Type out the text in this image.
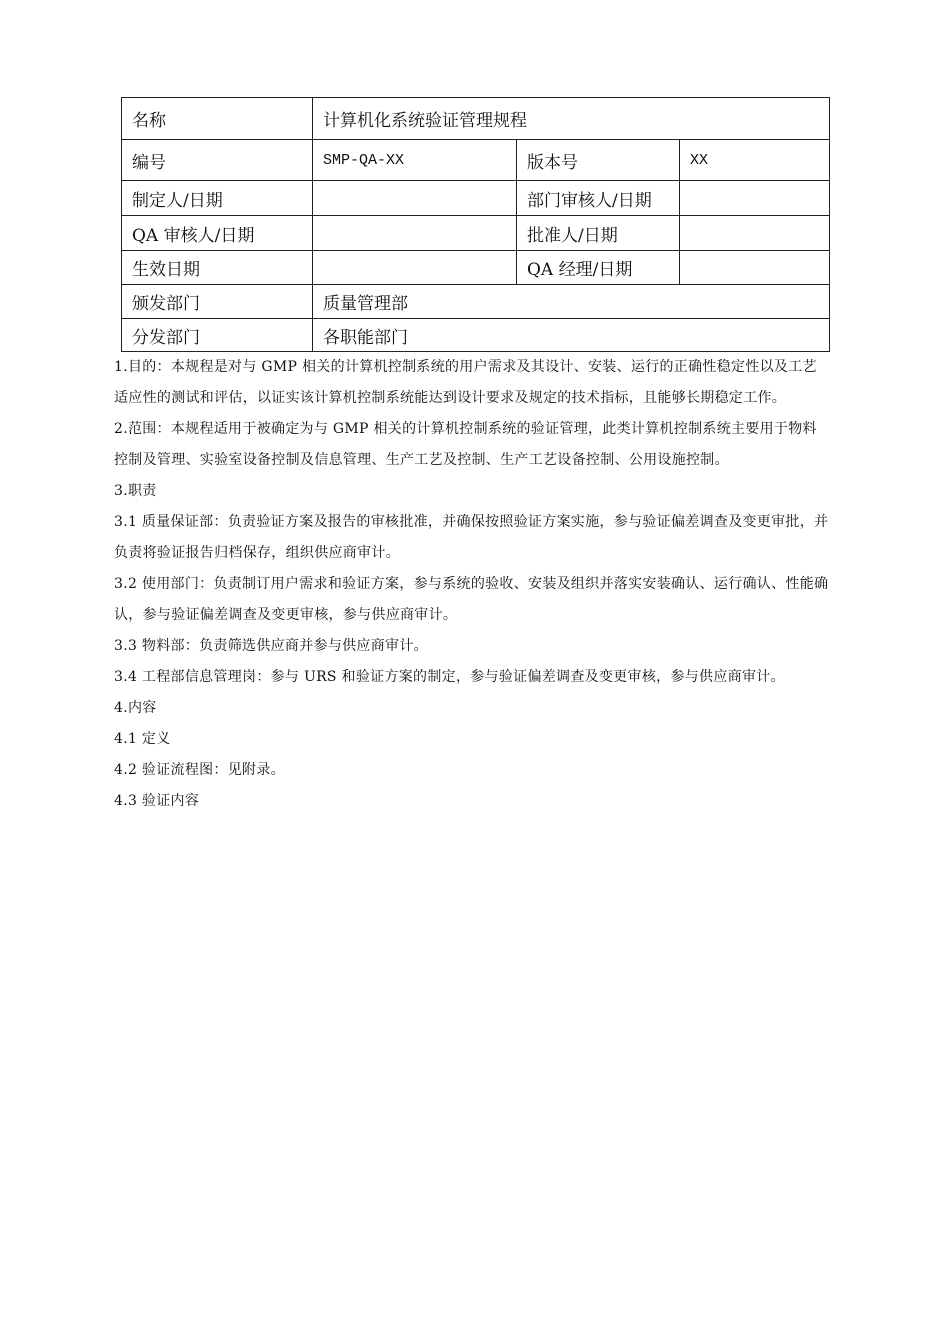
名称	计算机化系统验证管理规程		
编号	SMP-QA-XX	版本号	XX
制定人/日期		部门审核人/日期	
QA 审核人/日期		批准人/日期	
生效日期		QA 经理/日期	
颁发部门	质量管理部		
分发部门	各职能部门		

1.目的：本规程是对与 GMP 相关的计算机控制系统的用户需求及其设计、安装、运行的正确性稳定性以及工艺适应性的测试和评估，以证实该计算机控制系统能达到设计要求及规定的技术指标，且能够长期稳定工作。

2.范围：本规程适用于被确定为与 GMP 相关的计算机控制系统的验证管理，此类计算机控制系统主要用于物料控制及管理、实验室设备控制及信息管理、生产工艺及控制、生产工艺设备控制、公用设施控制。

3.职责

3.1 质量保证部：负责验证方案及报告的审核批准，并确保按照验证方案实施，参与验证偏差调查及变更审批，并负责将验证报告归档保存，组织供应商审计。

3.2 使用部门：负责制订用户需求和验证方案，参与系统的验收、安装及组织并落实安装确认、运行确认、性能确认，参与验证偏差调查及变更审核，参与供应商审计。

3.3 物料部：负责筛选供应商并参与供应商审计。

3.4 工程部信息管理岗：参与 URS 和验证方案的制定，参与验证偏差调查及变更审核，参与供应商审计。

4.内容

4.1 定义

4.2 验证流程图：见附录。

4.3 验证内容
